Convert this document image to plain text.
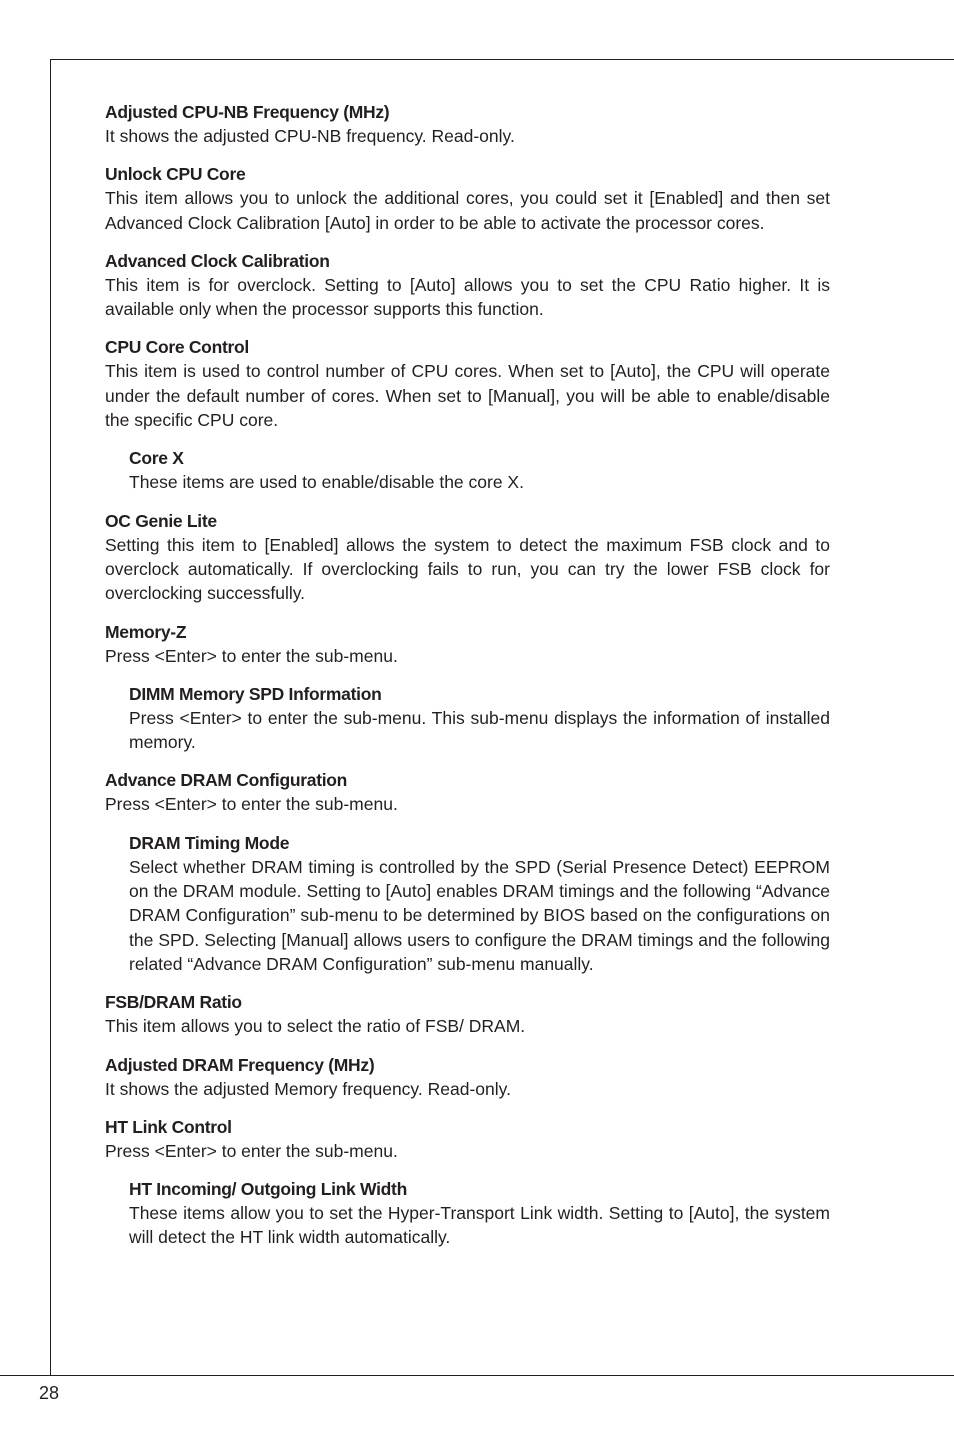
Adjusted CPU-NB Frequency (MHz)
It shows the adjusted CPU-NB frequency. Read-only.
Unlock CPU Core
This item allows you to unlock the additional cores, you could set it [Enabled] and then set Advanced Clock Calibration [Auto] in order to be able to activate the processor cores.
Advanced Clock Calibration
This item is for overclock. Setting to [Auto] allows you to set the CPU Ratio higher. It is available only when the processor supports this function.
CPU Core Control
This item is used to control number of CPU cores. When set to [Auto], the CPU will operate under the default number of cores. When set to [Manual], you will be able to enable/disable the specific CPU core.
Core X
These items are used to enable/disable the core X.
OC Genie Lite
Setting this item to [Enabled] allows the system to detect the maximum FSB clock and to overclock automatically. If overclocking fails to run, you can try the lower FSB clock for overclocking successfully.
Memory-Z
Press <Enter> to enter the sub-menu.
DIMM Memory SPD Information
Press <Enter> to enter the sub-menu. This sub-menu displays the information of installed memory.
Advance DRAM Configuration
Press <Enter> to enter the sub-menu.
DRAM Timing Mode
Select whether DRAM timing is controlled by the SPD (Serial Presence Detect) EEPROM on the DRAM module. Setting to [Auto] enables DRAM timings and the following “Advance DRAM Configuration” sub-menu to be determined by BIOS based on the configurations on the SPD. Selecting [Manual] allows users to configure the DRAM timings and the following related “Advance DRAM Configuration” sub-menu manually.
FSB/DRAM Ratio
This item allows you to select the ratio of FSB/ DRAM.
Adjusted DRAM Frequency (MHz)
It shows the adjusted Memory frequency. Read-only.
HT Link Control
Press <Enter> to enter the sub-menu.
HT Incoming/ Outgoing Link Width
These items allow you to set the Hyper-Transport Link width. Setting to [Auto], the system will detect the HT link width automatically.
28
